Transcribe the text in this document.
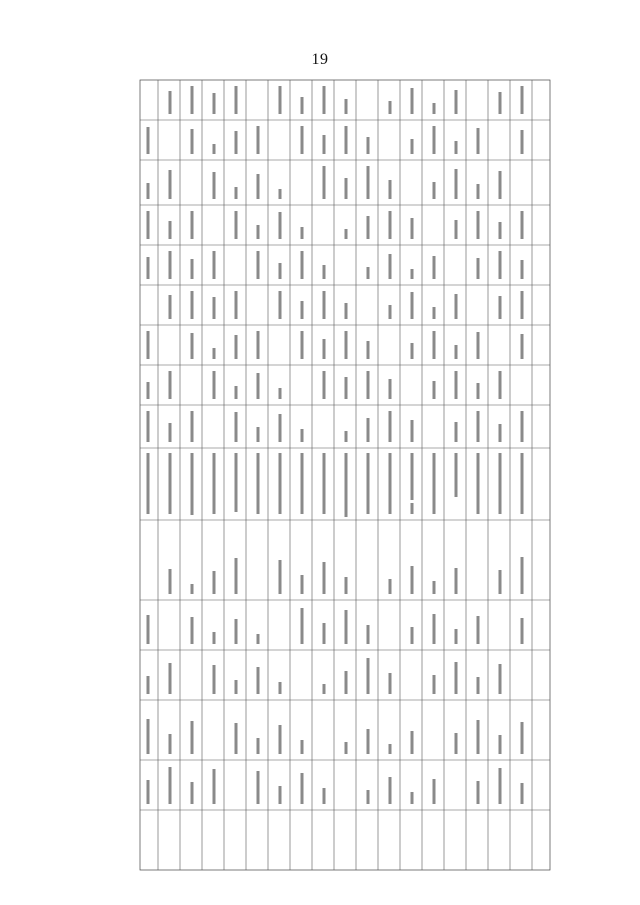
19
